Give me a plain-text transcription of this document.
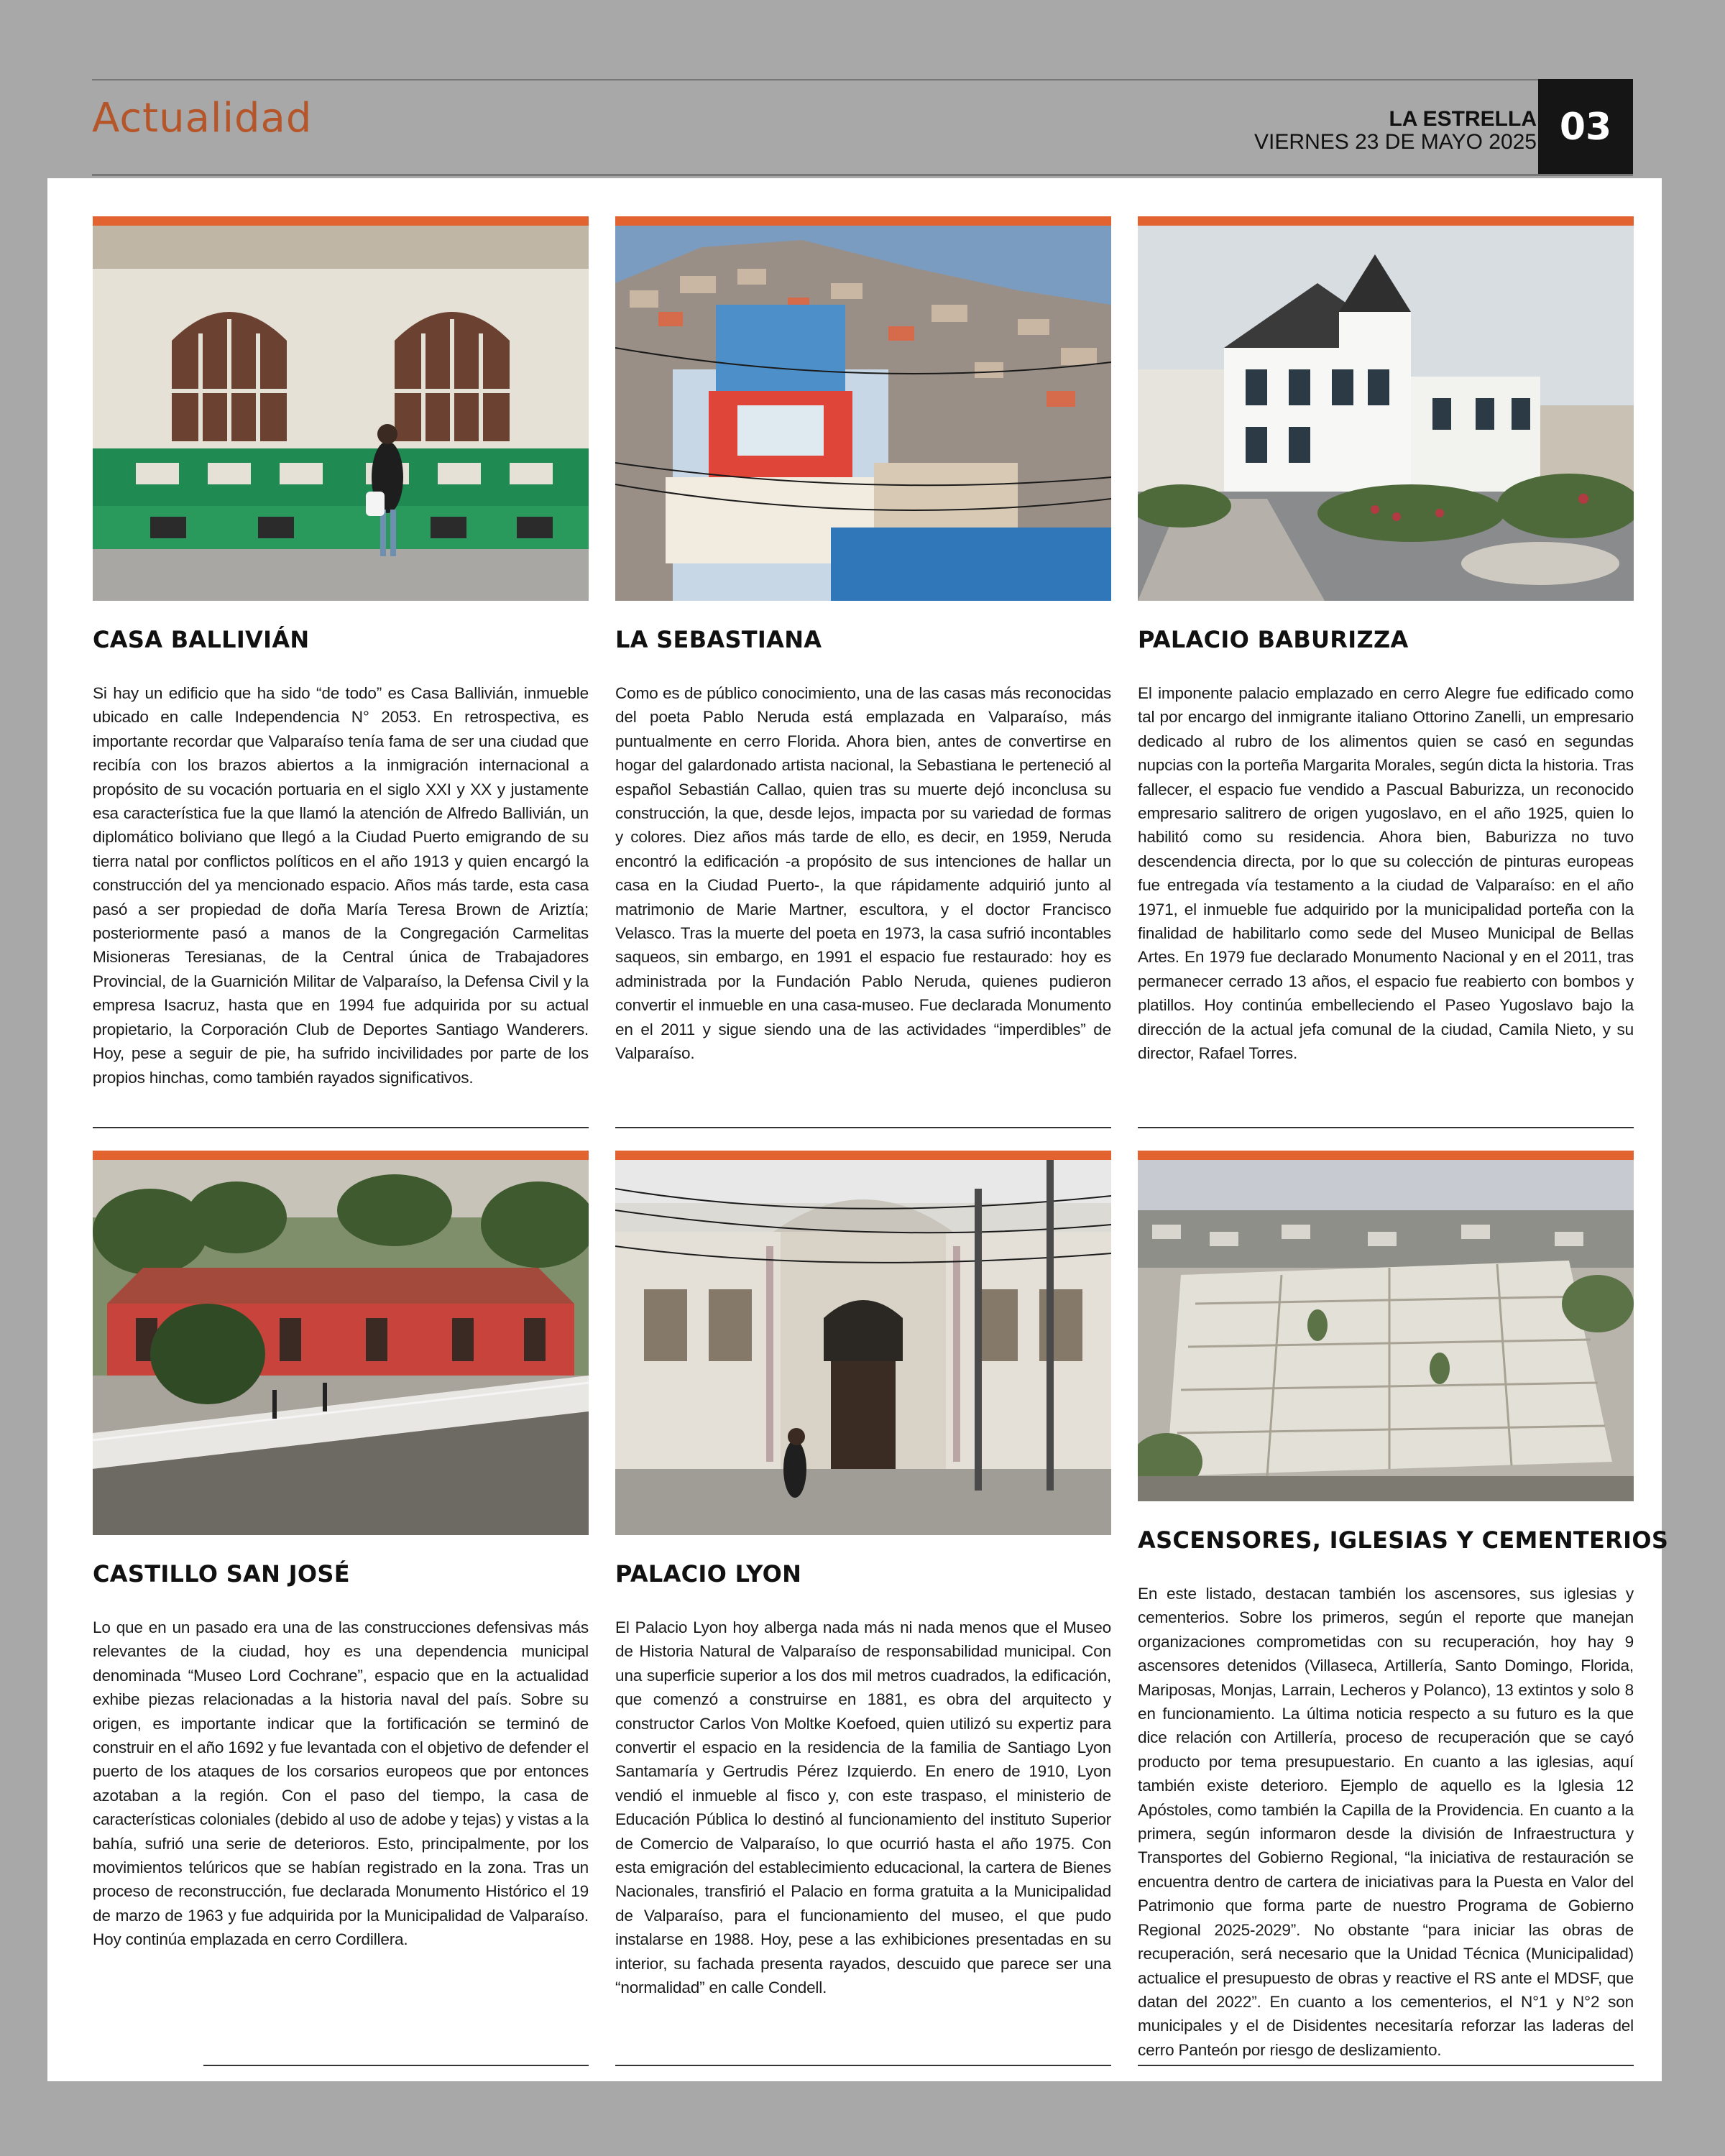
Actualidad	LA ESTRELLA
VIERNES 23 DE MAYO 2025 03
CASA BALLIVIÁN
Si hay un edificio que ha sido “de todo” es Casa Ballivián, inmueble ubicado en calle Independencia N° 2053. En retrospectiva, es importante recordar que Valparaíso tenía fama de ser una ciudad que recibía con los brazos abiertos a la inmigración internacional a propósito de su vocación portuaria en el siglo XXI y XX y justamente esa característica fue la que llamó la atención de Alfredo Ballivián, un diplomático boliviano que llegó a la Ciudad Puerto emigrando de su tierra natal por conflictos políticos en el año 1913 y quien encargó la construcción del ya mencionado espacio. Años más tarde, esta casa pasó a ser propiedad de doña María Teresa Brown de Ariztía; posteriormente pasó a manos de la Congregación Carmelitas Misioneras Teresianas, de la Central única de Trabajadores Provincial, de la Guarnición Militar de Valparaíso, la Defensa Civil y la empresa Isacruz, hasta que en 1994 fue adquirida por su actual propietario, la Corporación Club de Deportes Santiago Wanderers. Hoy, pese a seguir de pie, ha sufrido incivilidades por parte de los propios hinchas, como también rayados significativos.
LA SEBASTIANA
Como es de público conocimiento, una de las casas más reconocidas del poeta Pablo Neruda está emplazada en Valparaíso, más puntualmente en cerro Florida. Ahora bien, antes de convertirse en hogar del galardonado artista nacional, la Sebastiana le perteneció al español Sebastián Callao, quien tras su muerte dejó inconclusa su construcción, la que, desde lejos, impacta por su variedad de formas y colores. Diez años más tarde de ello, es decir, en 1959, Neruda encontró la edificación -a propósito de sus intenciones de hallar un casa en la Ciudad Puerto-, la que rápidamente adquirió junto al matrimonio de Marie Martner, escultora, y el doctor Francisco Velasco. Tras la muerte del poeta en 1973, la casa sufrió incontables saqueos, sin embargo, en 1991 el espacio fue restaurado: hoy es administrada por la Fundación Pablo Neruda, quienes pudieron convertir el inmueble en una casa-museo. Fue declarada Monumento en el 2011 y sigue siendo una de las actividades “imperdibles” de Valparaíso.
PALACIO BABURIZZA
El imponente palacio emplazado en cerro Alegre fue edificado como tal por encargo del inmigrante italiano Ottorino Zanelli, un empresario dedicado al rubro de los alimentos quien se casó en segundas nupcias con la porteña Margarita Morales, según dicta la historia. Tras fallecer, el espacio fue vendido a Pascual Baburizza, un reconocido empresario salitrero de origen yugoslavo, en el año 1925, quien lo habilitó como su residencia. Ahora bien, Baburizza no tuvo descendencia directa, por lo que su colección de pinturas europeas fue entregada vía testamento a la ciudad de Valparaíso: en el año 1971, el inmueble fue adquirido por la municipalidad porteña con la finalidad de habilitarlo como sede del Museo Municipal de Bellas Artes. En 1979 fue declarado Monumento Nacional y en el 2011, tras permanecer cerrado 13 años, el espacio fue reabierto con bombos y platillos. Hoy continúa embelleciendo el Paseo Yugoslavo bajo la dirección de la actual jefa comunal de la ciudad, Camila Nieto, y su director, Rafael Torres.
CASTILLO SAN JOSÉ
Lo que en un pasado era una de las construcciones defensivas más relevantes de la ciudad, hoy es una dependencia municipal denominada “Museo Lord Cochrane”, espacio que en la actualidad exhibe piezas relacionadas a la historia naval del país. Sobre su origen, es importante indicar que la fortificación se terminó de construir en el año 1692 y fue levantada con el objetivo de defender el puerto de los ataques de los corsarios europeos que por entonces azotaban a la región. Con el paso del tiempo, la casa de características coloniales (debido al uso de adobe y tejas) y vistas a la bahía, sufrió una serie de deterioros. Esto, principalmente, por los movimientos telúricos que se habían registrado en la zona. Tras un proceso de reconstrucción, fue declarada Monumento Histórico el 19 de marzo de 1963 y fue adquirida por la Municipalidad de Valparaíso. Hoy continúa emplazada en cerro Cordillera.
PALACIO LYON
El Palacio Lyon hoy alberga nada más ni nada menos que el Museo de Historia Natural de Valparaíso de responsabilidad municipal. Con una superficie superior a los dos mil metros cuadrados, la edificación, que comenzó a construirse en 1881, es obra del arquitecto y constructor Carlos Von Moltke Koefoed, quien utilizó su expertiz para convertir el espacio en la residencia de la familia de Santiago Lyon Santamaría y Gertrudis Pérez Izquierdo. En enero de 1910, Lyon vendió el inmueble al fisco y, con este traspaso, el ministerio de Educación Pública lo destinó al funcionamiento del instituto Superior de Comercio de Valparaíso, lo que ocurrió hasta el año 1975. Con esta emigración del establecimiento educacional, la cartera de Bienes Nacionales, transfirió el Palacio en forma gratuita a la Municipalidad de Valparaíso, para el funcionamiento del museo, el que pudo instalarse en 1988. Hoy, pese a las exhibiciones presentadas en su interior, su fachada presenta rayados, descuido que parece ser una “normalidad” en calle Condell.
ASCENSORES, IGLESIAS Y CEMENTERIOS
En este listado, destacan también los ascensores, sus iglesias y cementerios. Sobre los primeros, según el reporte que manejan organizaciones comprometidas con su recuperación, hoy hay 9 ascensores detenidos (Villaseca, Artillería, Santo Domingo, Florida, Mariposas, Monjas, Larrain, Lecheros y Polanco), 13 extintos y solo 8 en funcionamiento. La última noticia respecto a su futuro es la que dice relación con Artillería, proceso de recuperación que se cayó producto por tema presupuestario. En cuanto a las iglesias, aquí también existe deterioro. Ejemplo de aquello es la Iglesia 12 Apóstoles, como también la Capilla de la Providencia. En cuanto a la primera, según informaron desde la división de Infraestructura y Transportes del Gobierno Regional, “la iniciativa de restauración se encuentra dentro de cartera de iniciativas para la Puesta en Valor del Patrimonio que forma parte de nuestro Programa de Gobierno Regional 2025-2029”. No obstante “para iniciar las obras de recuperación, será necesario que la Unidad Técnica (Municipalidad) actualice el presupuesto de obras y reactive el RS ante el MDSF, que datan del 2022”. En cuanto a los cementerios, el N°1 y N°2 son municipales y el de Disidentes necesitaría reforzar las laderas del cerro Panteón por riesgo de deslizamiento.
